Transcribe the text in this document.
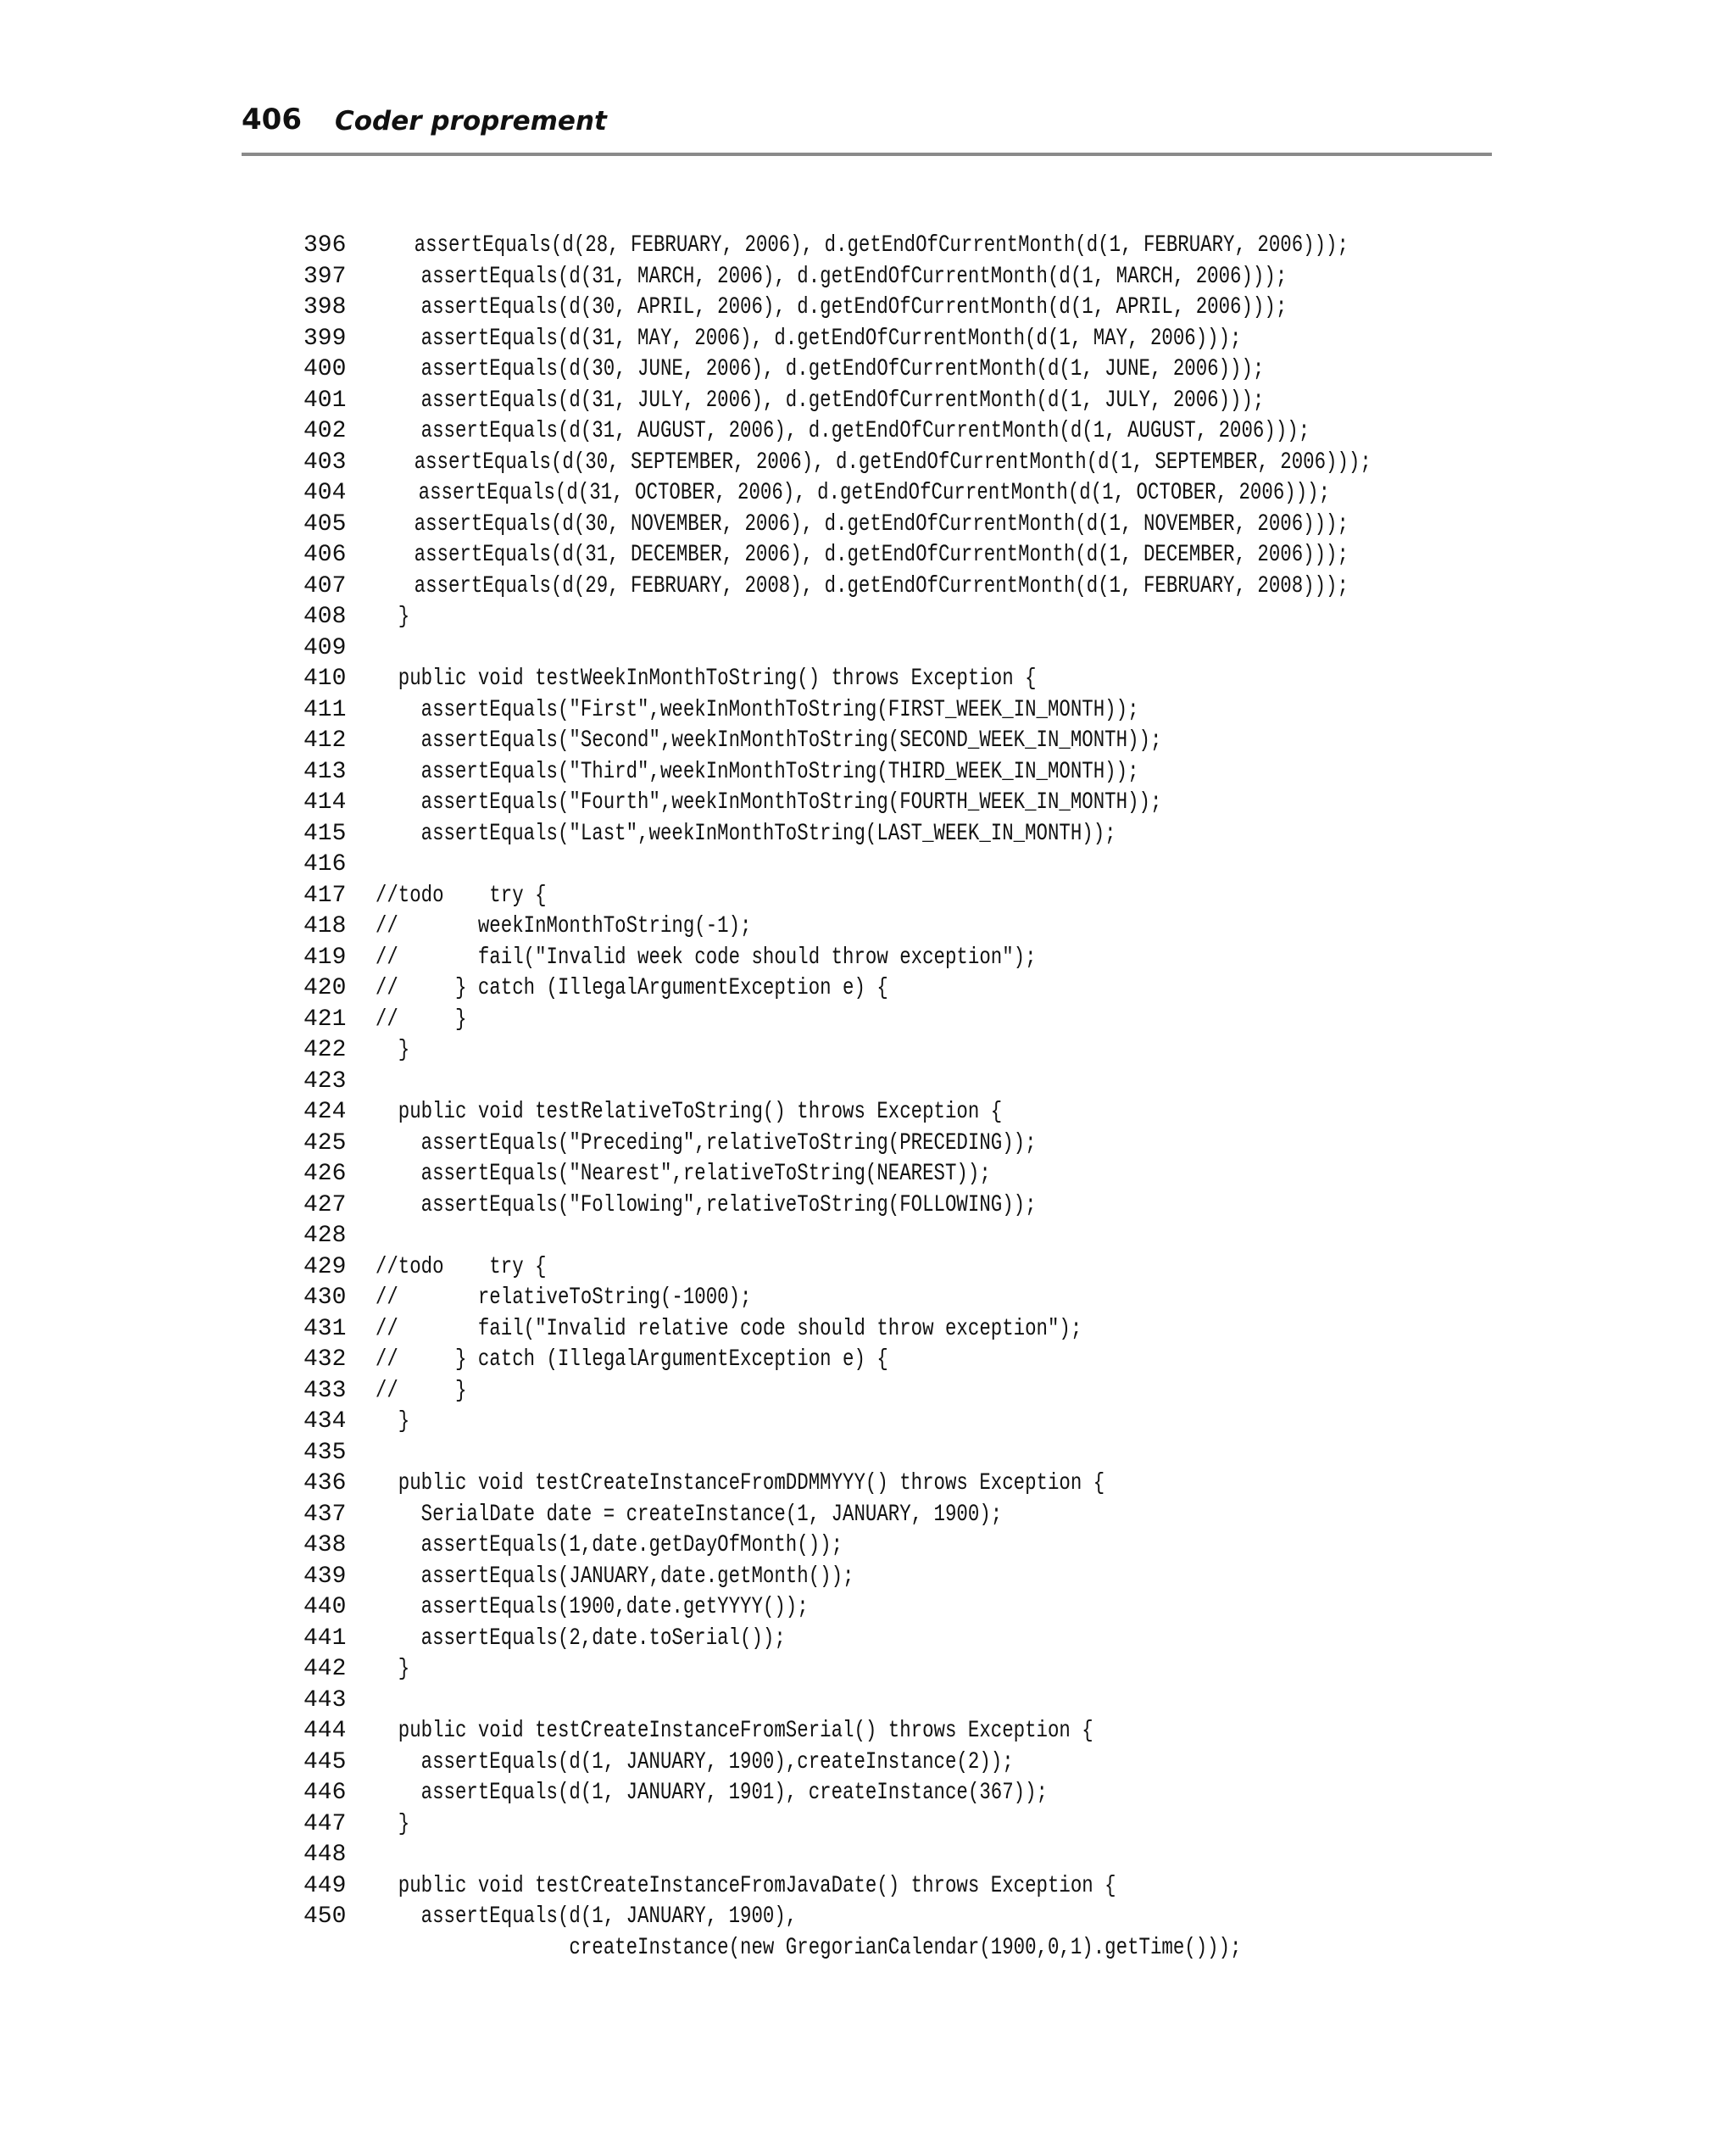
406 Coder proprement
396 assertEquals(d(28, FEBRUARY, 2006), d.getEndOfCurrentMonth(d(1, FEBRUARY, 2006)));
397 assertEquals(d(31, MARCH, 2006), d.getEndOfCurrentMonth(d(1, MARCH, 2006)));
398 assertEquals(d(30, APRIL, 2006), d.getEndOfCurrentMonth(d(1, APRIL, 2006)));
399 assertEquals(d(31, MAY, 2006), d.getEndOfCurrentMonth(d(1, MAY, 2006)));
400 assertEquals(d(30, JUNE, 2006), d.getEndOfCurrentMonth(d(1, JUNE, 2006)));
401 assertEquals(d(31, JULY, 2006), d.getEndOfCurrentMonth(d(1, JULY, 2006)));
402 assertEquals(d(31, AUGUST, 2006), d.getEndOfCurrentMonth(d(1, AUGUST, 2006)));
403 assertEquals(d(30, SEPTEMBER, 2006), d.getEndOfCurrentMonth(d(1, SEPTEMBER, 2006)));
404 assertEquals(d(31, OCTOBER, 2006), d.getEndOfCurrentMonth(d(1, OCTOBER, 2006)));
405 assertEquals(d(30, NOVEMBER, 2006), d.getEndOfCurrentMonth(d(1, NOVEMBER, 2006)));
406 assertEquals(d(31, DECEMBER, 2006), d.getEndOfCurrentMonth(d(1, DECEMBER, 2006)));
407 assertEquals(d(29, FEBRUARY, 2008), d.getEndOfCurrentMonth(d(1, FEBRUARY, 2008)));
408 }
409
410 public void testWeekInMonthToString() throws Exception {
411 assertEquals("First",weekInMonthToString(FIRST_WEEK_IN_MONTH));
412 assertEquals("Second",weekInMonthToString(SECOND_WEEK_IN_MONTH));
413 assertEquals("Third",weekInMonthToString(THIRD_WEEK_IN_MONTH));
414 assertEquals("Fourth",weekInMonthToString(FOURTH_WEEK_IN_MONTH));
415 assertEquals("Last",weekInMonthToString(LAST_WEEK_IN_MONTH));
416
417 //todo    try {
418 //       weekInMonthToString(-1);
419 //       fail("Invalid week code should throw exception");
420 //     } catch (IllegalArgumentException e) {
421 //     }
422 }
423
424 public void testRelativeToString() throws Exception {
425 assertEquals("Preceding",relativeToString(PRECEDING));
426 assertEquals("Nearest",relativeToString(NEAREST));
427 assertEquals("Following",relativeToString(FOLLOWING));
428
429 //todo    try {
430 //       relativeToString(-1000);
431 //       fail("Invalid relative code should throw exception");
432 //     } catch (IllegalArgumentException e) {
433 //     }
434 }
435
436 public void testCreateInstanceFromDDMMYYY() throws Exception {
437 SerialDate date = createInstance(1, JANUARY, 1900);
438 assertEquals(1,date.getDayOfMonth());
439 assertEquals(JANUARY,date.getMonth());
440 assertEquals(1900,date.getYYYY());
441 assertEquals(2,date.toSerial());
442 }
443
444 public void testCreateInstanceFromSerial() throws Exception {
445 assertEquals(d(1, JANUARY, 1900),createInstance(2));
446 assertEquals(d(1, JANUARY, 1901), createInstance(367));
447 }
448
449 public void testCreateInstanceFromJavaDate() throws Exception {
450 assertEquals(d(1, JANUARY, 1900),
createInstance(new GregorianCalendar(1900,0,1).getTime()));
